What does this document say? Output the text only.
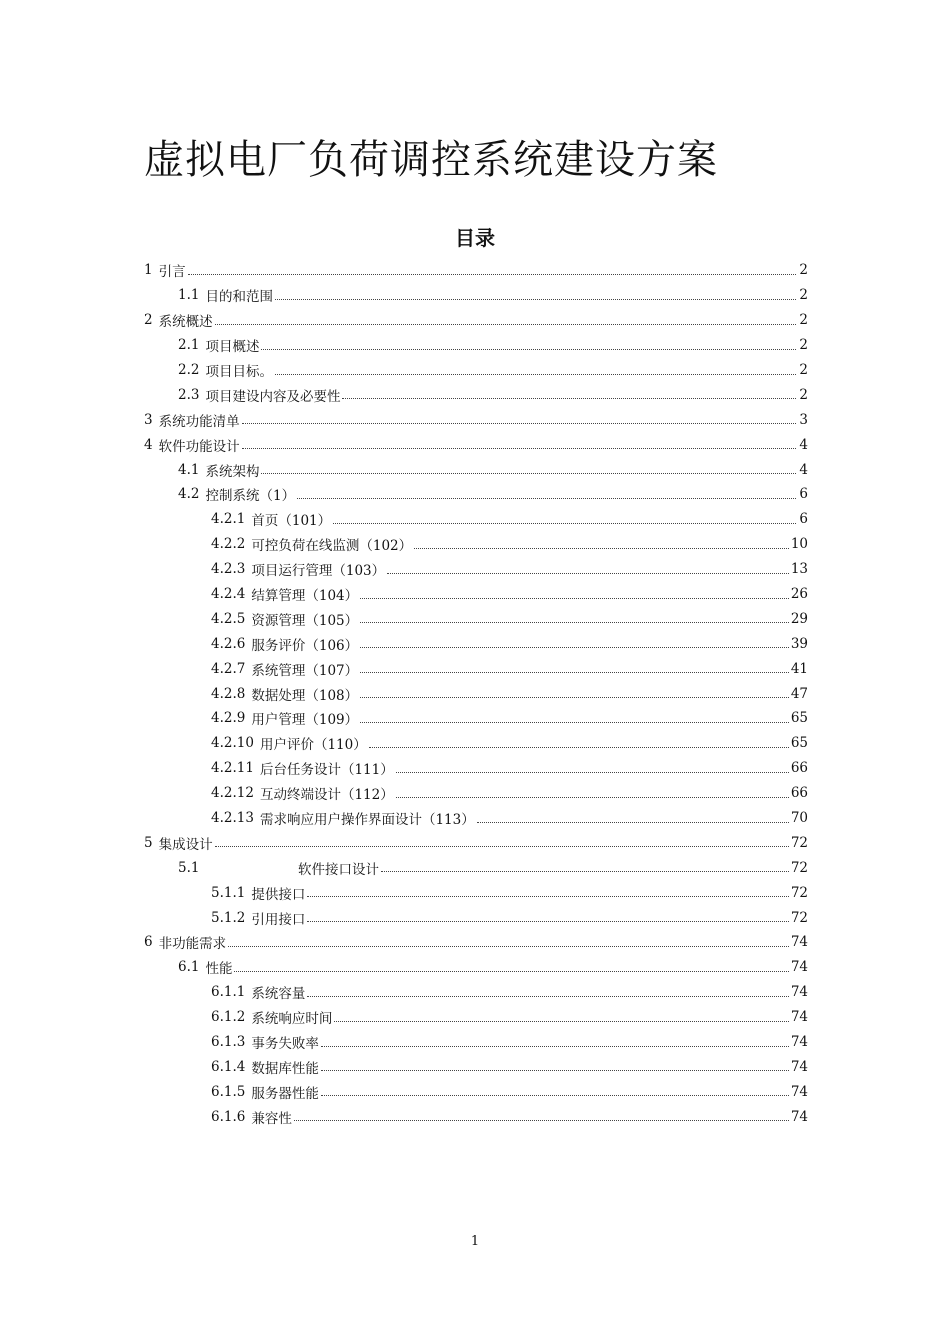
虚拟电厂负荷调控系统建设方案
目录
1 引言	2
1.1 目的和范围	2
2 系统概述	2
2.1 项目概述	2
2.2 项目目标。	2
2.3 项目建设内容及必要性	2
3 系统功能清单	3
4 软件功能设计	4
4.1 系统架构	4
4.2 控制系统（1）	6
4.2.1 首页（101）	6
4.2.2 可控负荷在线监测（102）	10
4.2.3 项目运行管理（103）	13
4.2.4 结算管理（104）	26
4.2.5 资源管理（105）	29
4.2.6 服务评价（106）	39
4.2.7 系统管理（107）	41
4.2.8 数据处理（108）	47
4.2.9 用户管理（109）	65
4.2.10 用户评价（110）	65
4.2.11 后台任务设计（111）	66
4.2.12 互动终端设计（112）	66
4.2.13 需求响应用户操作界面设计（113）	70
5 集成设计	72
5.1	软件接口设计	72
5.1.1 提供接口	72
5.1.2 引用接口	72
6 非功能需求	74
6.1 性能	74
6.1.1 系统容量	74
6.1.2 系统响应时间	74
6.1.3 事务失败率	74
6.1.4 数据库性能	74
6.1.5 服务器性能	74
6.1.6 兼容性	74
1
